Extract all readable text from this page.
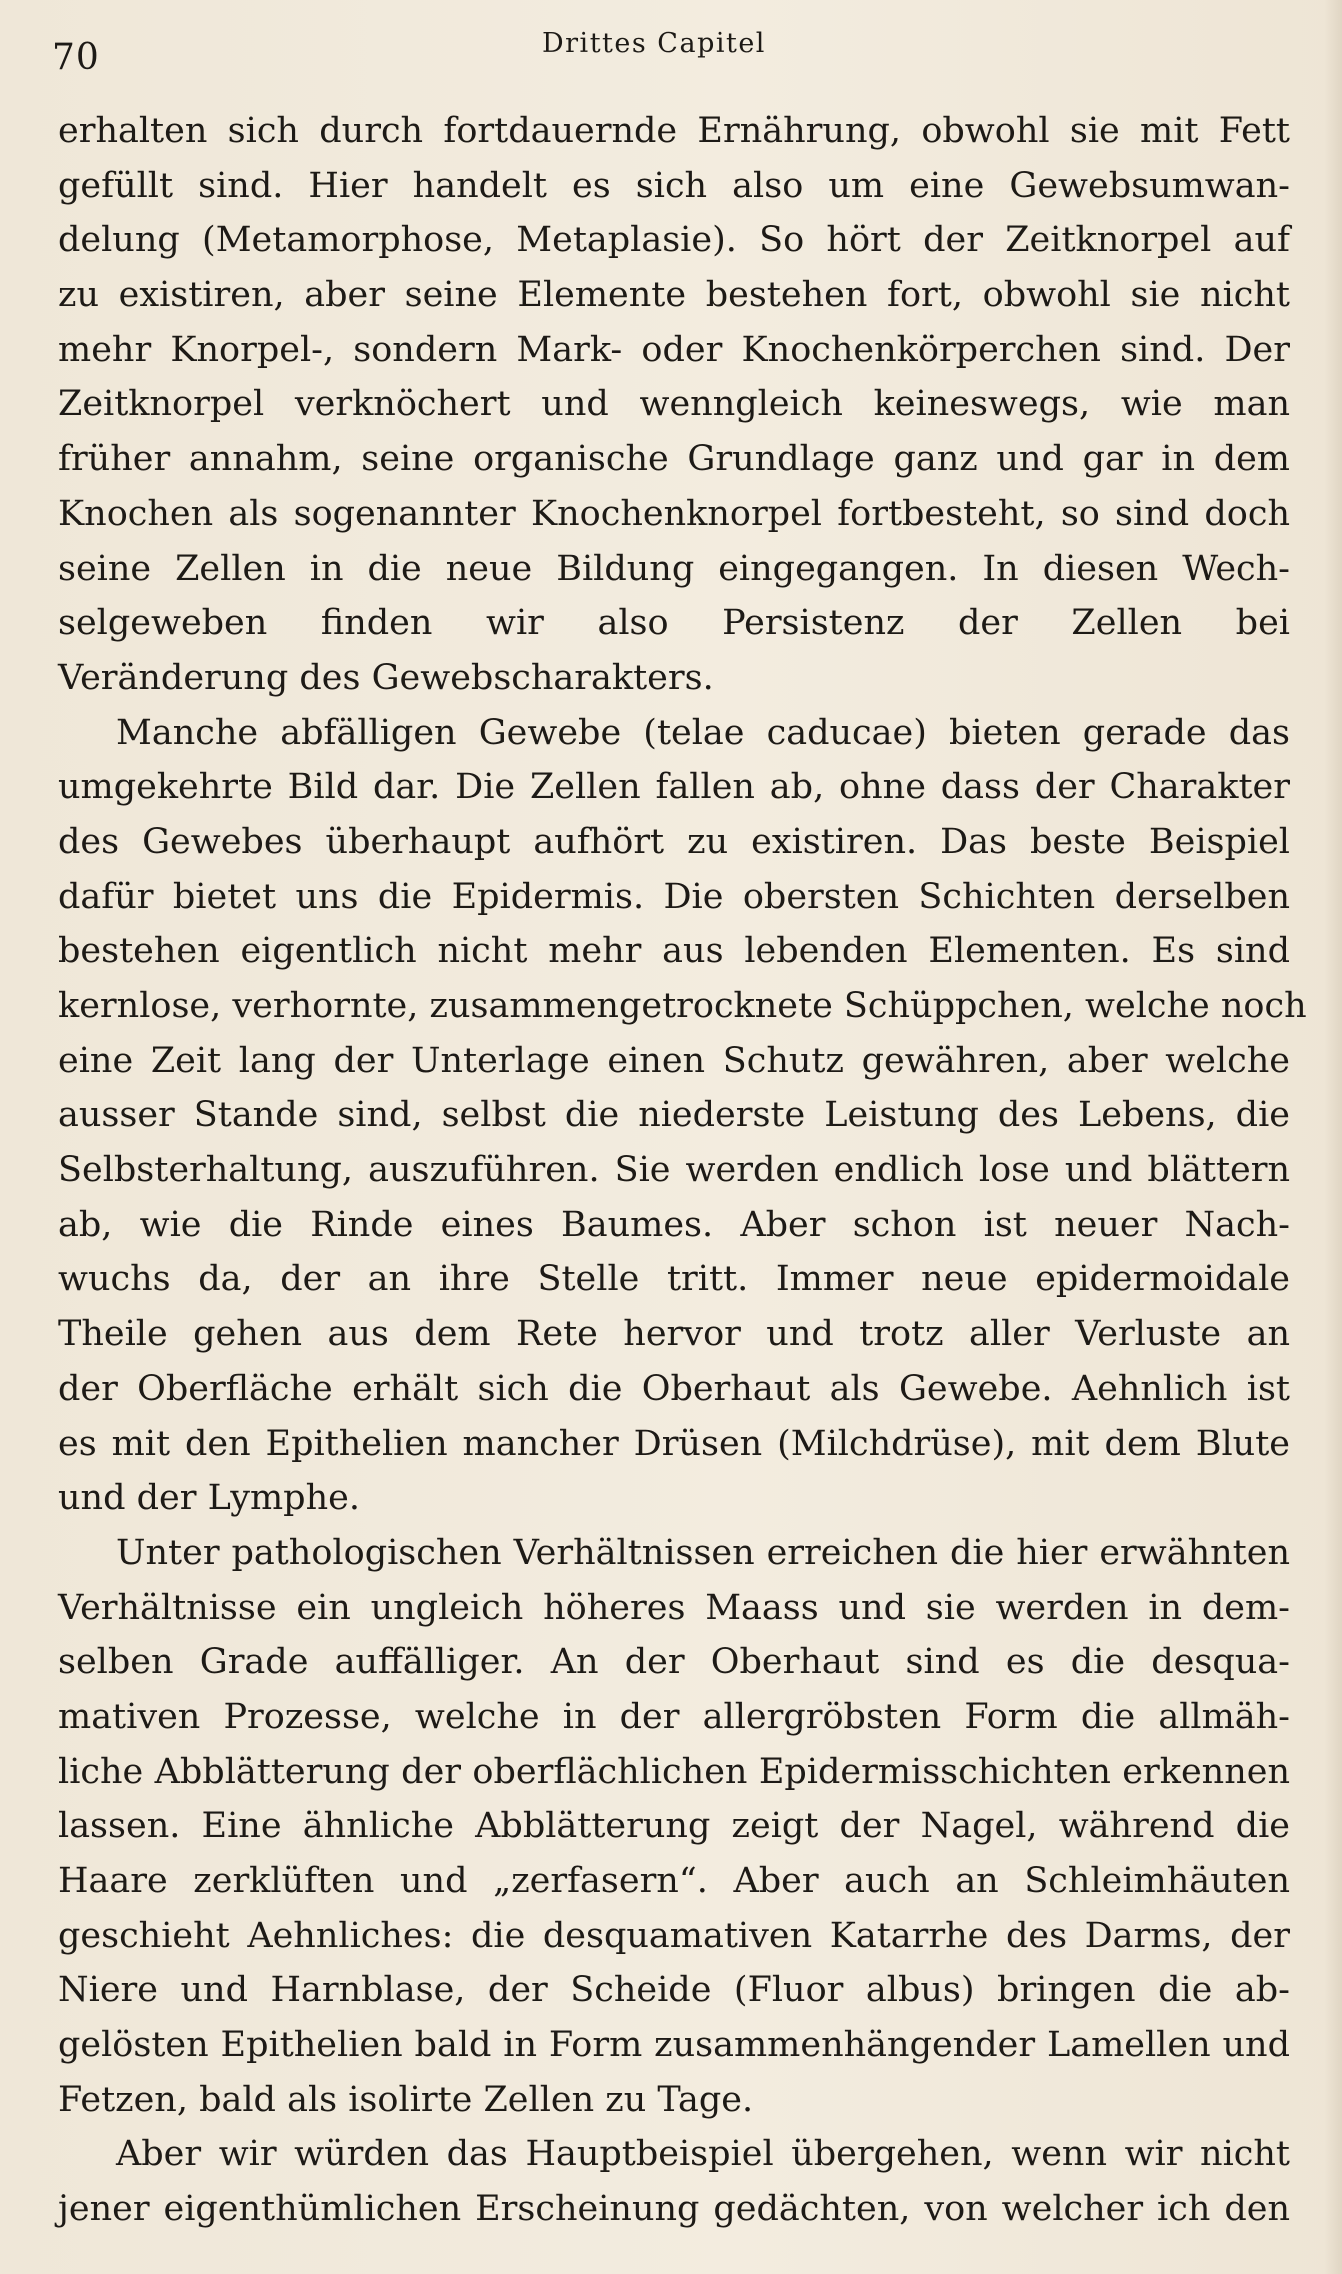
70	Drittes Capitel
erhalten sich durch fortdauernde Ernährung, obwohl sie mit Fett
gefüllt sind. Hier handelt es sich also um eine Gewebsumwan-
delung (Metamorphose, Metaplasie). So hört der Zeitknorpel auf
zu existiren, aber seine Elemente bestehen fort, obwohl sie nicht
mehr Knorpel-, sondern Mark- oder Knochenkörperchen sind. Der
Zeitknorpel verknöchert und wenngleich keineswegs, wie man
früher annahm, seine organische Grundlage ganz und gar in dem
Knochen als sogenannter Knochenknorpel fortbesteht, so sind doch
seine Zellen in die neue Bildung eingegangen. In diesen Wech-
selgeweben finden wir also Persistenz der Zellen bei
Veränderung des Gewebscharakters.
Manche abfälligen Gewebe (telae caducae) bieten gerade das
umgekehrte Bild dar. Die Zellen fallen ab, ohne dass der Charakter
des Gewebes überhaupt aufhört zu existiren. Das beste Beispiel
dafür bietet uns die Epidermis. Die obersten Schichten derselben
bestehen eigentlich nicht mehr aus lebenden Elementen. Es sind
kernlose, verhornte, zusammengetrocknete Schüppchen, welche noch
eine Zeit lang der Unterlage einen Schutz gewähren, aber welche
ausser Stande sind, selbst die niederste Leistung des Lebens, die
Selbsterhaltung, auszuführen. Sie werden endlich lose und blättern
ab, wie die Rinde eines Baumes. Aber schon ist neuer Nach-
wuchs da, der an ihre Stelle tritt. Immer neue epidermoidale
Theile gehen aus dem Rete hervor und trotz aller Verluste an
der Oberfläche erhält sich die Oberhaut als Gewebe. Aehnlich ist
es mit den Epithelien mancher Drüsen (Milchdrüse), mit dem Blute
und der Lymphe.
Unter pathologischen Verhältnissen erreichen die hier erwähnten
Verhältnisse ein ungleich höheres Maass und sie werden in dem-
selben Grade auffälliger. An der Oberhaut sind es die desqua-
mativen Prozesse, welche in der allergröbsten Form die allmäh-
liche Abblätterung der oberflächlichen Epidermisschichten erkennen
lassen. Eine ähnliche Abblätterung zeigt der Nagel, während die
Haare zerklüften und „zerfasern“. Aber auch an Schleimhäuten
geschieht Aehnliches: die desquamativen Katarrhe des Darms, der
Niere und Harnblase, der Scheide (Fluor albus) bringen die ab-
gelösten Epithelien bald in Form zusammenhängender Lamellen und
Fetzen, bald als isolirte Zellen zu Tage.
Aber wir würden das Hauptbeispiel übergehen, wenn wir nicht
jener eigenthümlichen Erscheinung gedächten, von welcher ich den
